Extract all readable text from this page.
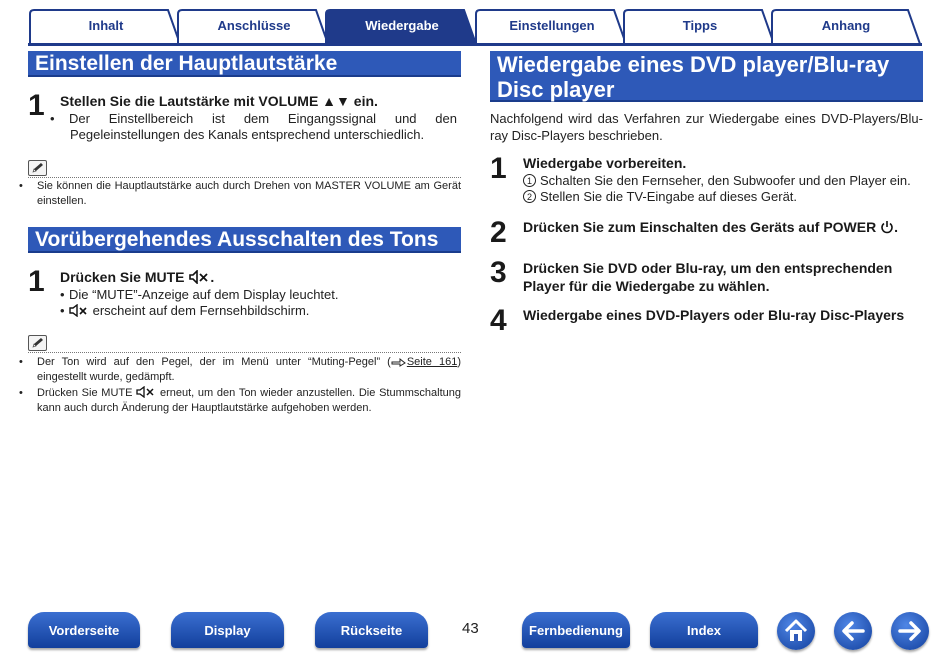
Inhalt	Anschlüsse	Wiedergabe	Einstellungen	Tipps	Anhang
Einstellen der Hauptlautstärke
1 Stellen Sie die Lautstärke mit VOLUME ▲▼ ein.
• Der Einstellbereich ist dem Eingangssignal und den Pegeleinstellungen des Kanals entsprechend unterschiedlich.
• Sie können die Hauptlautstärke auch durch Drehen von MASTER VOLUME am Gerät einstellen.
Vorübergehendes Ausschalten des Tons
1 Drücken Sie MUTE .
• Die “MUTE”-Anzeige auf dem Display leuchtet.
• erscheint auf dem Fernsehbildschirm.
• Der Ton wird auf den Pegel, der im Menü unter “Muting-Pegel” ( Seite 161) eingestellt wurde, gedämpft.
• Drücken Sie MUTE erneut, um den Ton wieder anzustellen. Die Stummschaltung kann auch durch Änderung der Hauptlautstärke aufgehoben werden.
Wiedergabe eines DVD player/Blu-ray Disc player
Nachfolgend wird das Verfahren zur Wiedergabe eines DVD-Players/Blu-ray Disc-Players beschrieben.
1 Wiedergabe vorbereiten.
1 Schalten Sie den Fernseher, den Subwoofer und den Player ein.
2 Stellen Sie die TV-Eingabe auf dieses Gerät.
2 Drücken Sie zum Einschalten des Geräts auf POWER .
3 Drücken Sie DVD oder Blu-ray, um den entsprechenden Player für die Wiedergabe zu wählen.
4 Wiedergabe eines DVD-Players oder Blu-ray Disc-Players
Vorderseite	Display	Rückseite	43	Fernbedienung	Index
